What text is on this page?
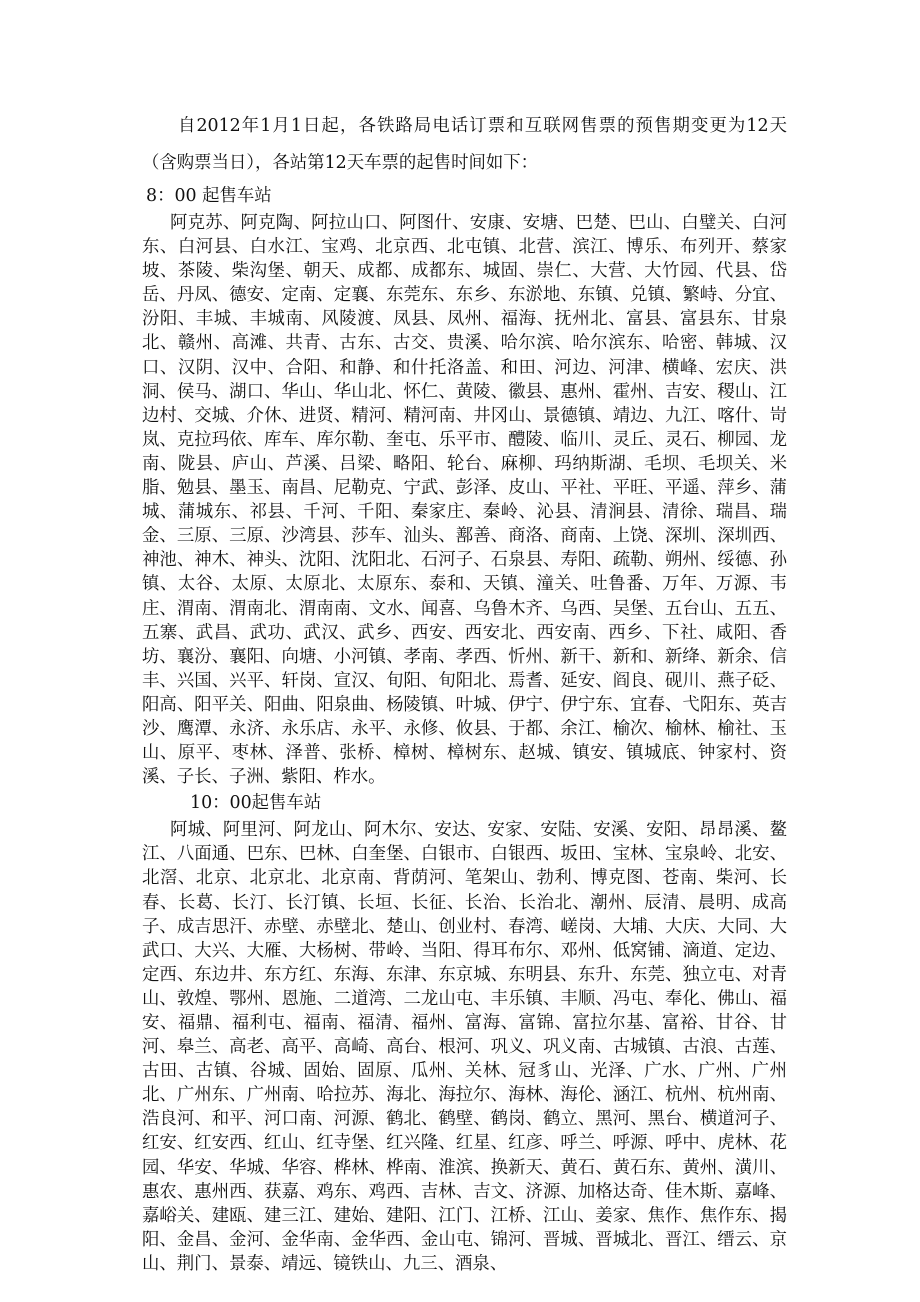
自2012年1月1日起，各铁路局电话订票和互联网售票的预售期变更为12天（含购票当日），各站第12天车票的起售时间如下：

8：00 起售车站

阿克苏、阿克陶、阿拉山口、阿图什、安康、安塘、巴楚、巴山、白璧关、白河东、白河县、白水江、宝鸡、北京西、北屯镇、北营、滨江、博乐、布列开、蔡家坡、茶陵、柴沟堡、朝天、成都、成都东、城固、崇仁、大营、大竹园、代县、岱岳、丹凤、德安、定南、定襄、东莞东、东乡、东淤地、东镇、兑镇、繁峙、分宜、汾阳、丰城、丰城南、风陵渡、凤县、凤州、福海、抚州北、富县、富县东、甘泉北、赣州、高滩、共青、古东、古交、贵溪、哈尔滨、哈尔滨东、哈密、韩城、汉口、汉阴、汉中、合阳、和静、和什托洛盖、和田、河边、河津、横峰、宏庆、洪洞、侯马、湖口、华山、华山北、怀仁、黄陵、徽县、惠州、霍州、吉安、稷山、江边村、交城、介休、进贤、精河、精河南、井冈山、景德镇、靖边、九江、喀什、岢岚、克拉玛依、库车、库尔勒、奎屯、乐平市、醴陵、临川、灵丘、灵石、柳园、龙南、陇县、庐山、芦溪、吕梁、略阳、轮台、麻柳、玛纳斯湖、毛坝、毛坝关、米脂、勉县、墨玉、南昌、尼勒克、宁武、彭泽、皮山、平社、平旺、平遥、萍乡、蒲城、蒲城东、祁县、千河、千阳、秦家庄、秦岭、沁县、清涧县、清徐、瑞昌、瑞金、三原、三原、沙湾县、莎车、汕头、鄯善、商洛、商南、上饶、深圳、深圳西、神池、神木、神头、沈阳、沈阳北、石河子、石泉县、寿阳、疏勒、朔州、绥德、孙镇、太谷、太原、太原北、太原东、泰和、天镇、潼关、吐鲁番、万年、万源、韦庄、渭南、渭南北、渭南南、文水、闻喜、乌鲁木齐、乌西、吴堡、五台山、五五、五寨、武昌、武功、武汉、武乡、西安、西安北、西安南、西乡、下社、咸阳、香坊、襄汾、襄阳、向塘、小河镇、孝南、孝西、忻州、新干、新和、新绛、新余、信丰、兴国、兴平、轩岗、宣汉、旬阳、旬阳北、焉耆、延安、阎良、砚川、燕子砭、阳高、阳平关、阳曲、阳泉曲、杨陵镇、叶城、伊宁、伊宁东、宜春、弋阳东、英吉沙、鹰潭、永济、永乐店、永平、永修、攸县、于都、余江、榆次、榆林、榆社、玉山、原平、枣林、泽普、张桥、樟树、樟树东、赵城、镇安、镇城底、钟家村、资溪、子长、子洲、紫阳、柞水。

10：00起售车站

阿城、阿里河、阿龙山、阿木尔、安达、安家、安陆、安溪、安阳、昂昂溪、鳌江、八面通、巴东、巴林、白奎堡、白银市、白银西、坂田、宝林、宝泉岭、北安、北滘、北京、北京北、北京南、背荫河、笔架山、勃利、博克图、苍南、柴河、长春、长葛、长汀、长汀镇、长垣、长征、长治、长治北、潮州、辰清、晨明、成高子、成吉思汗、赤壁、赤壁北、楚山、创业村、春湾、嵯岗、大埔、大庆、大同、大武口、大兴、大雁、大杨树、带岭、当阳、得耳布尔、邓州、低窝铺、滴道、定边、定西、东边井、东方红、东海、东津、东京城、东明县、东升、东莞、独立屯、对青山、敦煌、鄂州、恩施、二道湾、二龙山屯、丰乐镇、丰顺、冯屯、奉化、佛山、福安、福鼎、福利屯、福南、福清、福州、富海、富锦、富拉尔基、富裕、甘谷、甘河、皋兰、高老、高平、高崎、高台、根河、巩义、巩义南、古城镇、古浪、古莲、古田、古镇、谷城、固始、固原、瓜州、关林、冠豸山、光泽、广水、广州、广州北、广州东、广州南、哈拉苏、海北、海拉尔、海林、海伦、涵江、杭州、杭州南、浩良河、和平、河口南、河源、鹤北、鹤壁、鹤岗、鹤立、黑河、黑台、横道河子、红安、红安西、红山、红寺堡、红兴隆、红星、红彦、呼兰、呼源、呼中、虎林、花园、华安、华城、华容、桦林、桦南、淮滨、换新天、黄石、黄石东、黄州、潢川、惠农、惠州西、获嘉、鸡东、鸡西、吉林、吉文、济源、加格达奇、佳木斯、嘉峰、嘉峪关、建瓯、建三江、建始、建阳、江门、江桥、江山、姜家、焦作、焦作东、揭阳、金昌、金河、金华南、金华西、金山屯、锦河、晋城、晋城北、晋江、缙云、京山、荆门、景泰、靖远、镜铁山、九三、酒泉、
